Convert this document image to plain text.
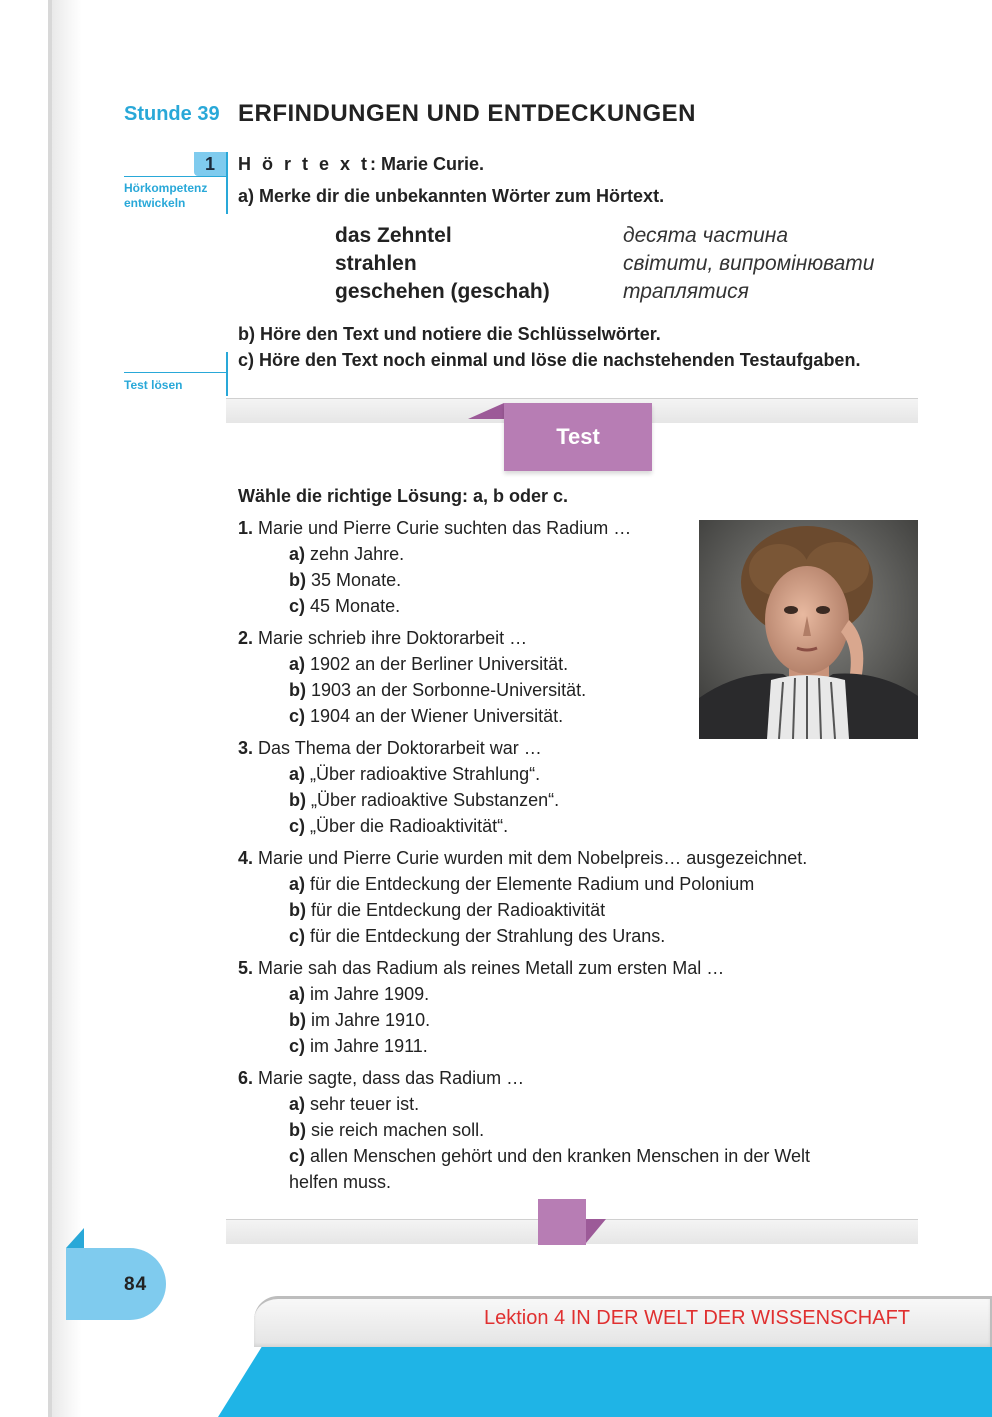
Stunde 39 ERFINDUNGEN UND ENTDECKUNGEN
1
Hörkompetenz
entwickeln
H ö r t e x t: Marie Curie.
a) Merke dir die unbekannten Wörter zum Hörtext.
das Zehntel	десята частина
strahlen	світити, випромінювати
geschehen (geschah)	траплятися
b) Höre den Text und notiere die Schlüsselwörter.
c) Höre den Text noch einmal und löse die nachstehenden Testaufgaben.
Test lösen
Test
Wähle die richtige Lösung: a, b oder c.
1. Marie und Pierre Curie suchten das Radium …
a) zehn Jahre.
b) 35 Monate.
c) 45 Monate.
2. Marie schrieb ihre Doktorarbeit …
a) 1902 an der Berliner Universität.
b) 1903 an der Sorbonne-Universität.
c) 1904 an der Wiener Universität.
3. Das Thema der Doktorarbeit war …
a) „Über radioaktive Strahlung“.
b) „Über radioaktive Substanzen“.
c) „Über die Radioaktivität“.
4. Marie und Pierre Curie wurden mit dem Nobelpreis… ausgezeichnet.
a) für die Entdeckung der Elemente Radium und Polonium
b) für die Entdeckung der Radioaktivität
c) für die Entdeckung der Strahlung des Urans.
5. Marie sah das Radium als reines Metall zum ersten Mal …
a) im Jahre 1909.
b) im Jahre 1910.
c) im Jahre 1911.
6. Marie sagte, dass das Radium …
a) sehr teuer ist.
b) sie reich machen soll.
c) allen Menschen gehört und den kranken Menschen in der Welt
helfen muss.
84
Lektion 4 IN DER WELT DER WISSENSCHAFT
